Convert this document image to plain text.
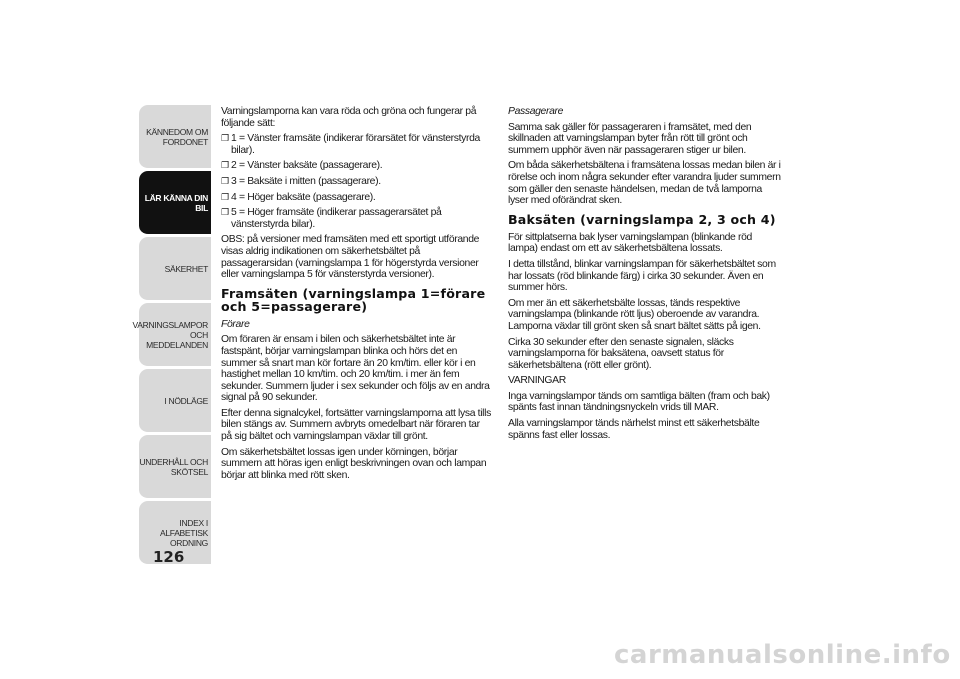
KÄNNEDOM OM
FORDONET
LÄR KÄNNA DIN
BIL
SÄKERHET
VARNINGSLAMPOR
OCH MEDDELANDEN
I NÖDLÄGE
UNDERHÅLL OCH
SKÖTSEL
INDEX I ALFABETISK
ORDNING
126

Varningslamporna kan vara röda och gröna och fungerar på följande sätt:

❐ 1 = Vänster framsäte (indikerar förarsätet för vänsterstyrda bilar).
❐ 2 = Vänster baksäte (passagerare).
❐ 3 = Baksäte i mitten (passagerare).
❐ 4 = Höger baksäte (passagerare).
❐ 5 = Höger framsäte (indikerar passagerarsätet på vänsterstyrda bilar).

OBS: på versioner med framsäten med ett sportigt utförande visas aldrig indikationen om säkerhetsbältet på passagerarsidan (varningslampa 1 för högerstyrda versioner eller varningslampa 5 för vänsterstyrda versioner).

Framsäten (varningslampa 1=förare och 5=passagerare)

Förare

Om föraren är ensam i bilen och säkerhetsbältet inte är fastspänt, börjar varningslampan blinka och hörs det en summer så snart man kör fortare än 20 km/tim. eller kör i en hastighet mellan 10 km/tim. och 20 km/tim. i mer än fem sekunder. Summern ljuder i sex sekunder och följs av en andra signal på 90 sekunder.

Efter denna signalcykel, fortsätter varningslamporna att lysa tills bilen stängs av. Summern avbryts omedelbart när föraren tar på sig bältet och varningslampan växlar till grönt.

Om säkerhetsbältet lossas igen under körningen, börjar summern att höras igen enligt beskrivningen ovan och lampan börjar att blinka med rött sken.

Passagerare

Samma sak gäller för passageraren i framsätet, med den skillnaden att varningslampan byter från rött till grönt och summern upphör även när passageraren stiger ur bilen.

Om båda säkerhetsbältena i framsätena lossas medan bilen är i rörelse och inom några sekunder efter varandra ljuder summern som gäller den senaste händelsen, medan de två lamporna lyser med oförändrat sken.

Baksäten (varningslampa 2, 3 och 4)

För sittplatserna bak lyser varningslampan (blinkande röd lampa) endast om ett av säkerhetsbältena lossats.

I detta tillstånd, blinkar varningslampan för säkerhetsbältet som har lossats (röd blinkande färg) i cirka 30 sekunder. Även en summer hörs.

Om mer än ett säkerhetsbälte lossas, tänds respektive varningslampa (blinkande rött ljus) oberoende av varandra. Lamporna växlar till grönt sken så snart bältet sätts på igen.

Cirka 30 sekunder efter den senaste signalen, släcks varningslamporna för baksätena, oavsett status för säkerhetsbältena (rött eller grönt).

VARNINGAR

Inga varningslampor tänds om samtliga bälten (fram och bak) spänts fast innan tändningsnyckeln vrids till MAR.

Alla varningslampor tänds närhelst minst ett säkerhetsbälte spänns fast eller lossas.

carmanualsonline.info
